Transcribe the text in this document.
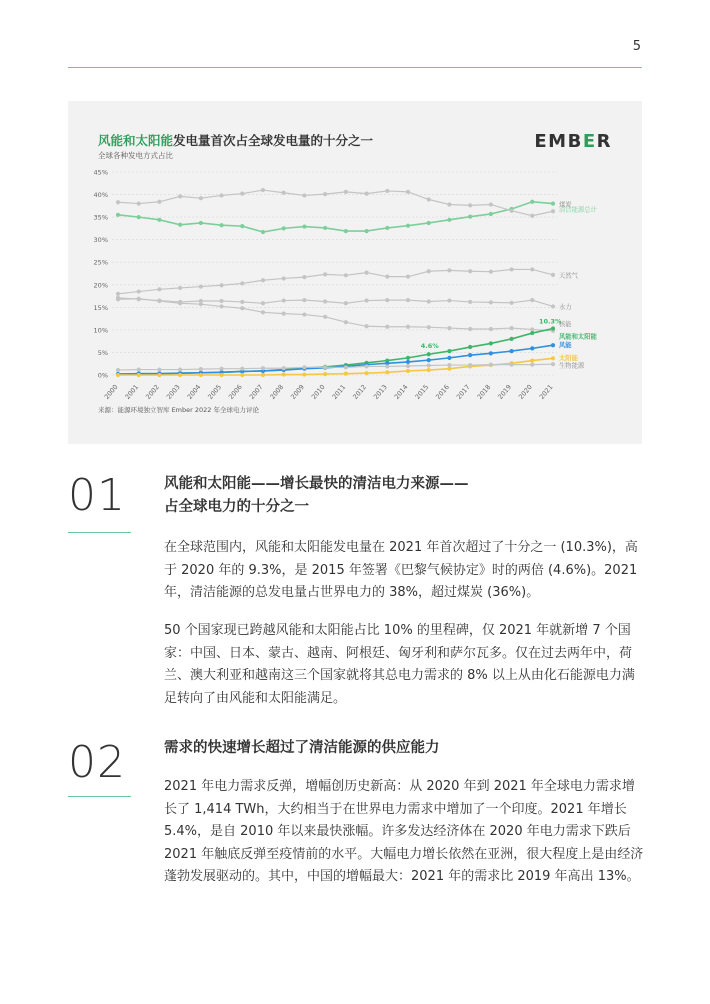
5
风能和太阳能发电量首次占全球发电量的十分之一
全球各种发电方式占比
EMBER
0%
5%
10%
15%
20%
25%
30%
35%
40%
45%
2000 2001 2002 2003 2004 2005 2006 2007 2008 2009 2010 2011 2012 2013 2014 2015 2016 2017 2018 2019 2020 2021
清洁能源总计
煤炭
天然气
水力
核能
风能和太阳能
风能
太阳能
生物能源
4.6%
10.3%
来源：能源环境独立智库 Ember 2022 年全球电力评论
01	风能和太阳能——增长最快的清洁电力来源——
占全球电力的十分之一

在全球范围内，风能和太阳能发电量在 2021 年首次超过了十分之一 (10.3%)，高于 2020 年的 9.3%，是 2015 年签署《巴黎气候协定》时的两倍 (4.6%)。2021 年，清洁能源的总发电量占世界电力的 38%，超过煤炭 (36%)。

50 个国家现已跨越风能和太阳能占比 10% 的里程碑，仅 2021 年就新增 7 个国家：中国、日本、蒙古、越南、阿根廷、匈牙利和萨尔瓦多。仅在过去两年中，荷兰、澳大利亚和越南这三个国家就将其总电力需求的 8% 以上从由化石能源电力满足转向了由风能和太阳能满足。

02	需求的快速增长超过了清洁能源的供应能力

2021 年电力需求反弹，增幅创历史新高：从 2020 年到 2021 年全球电力需求增长了 1,414 TWh，大约相当于在世界电力需求中增加了一个印度。2021 年增长 5.4%，是自 2010 年以来最快涨幅。许多发达经济体在 2020 年电力需求下跌后 2021 年触底反弹至疫情前的水平。大幅电力增长依然在亚洲，很大程度上是由经济蓬勃发展驱动的。其中，中国的增幅最大：2021 年的需求比 2019 年高出 13%。
